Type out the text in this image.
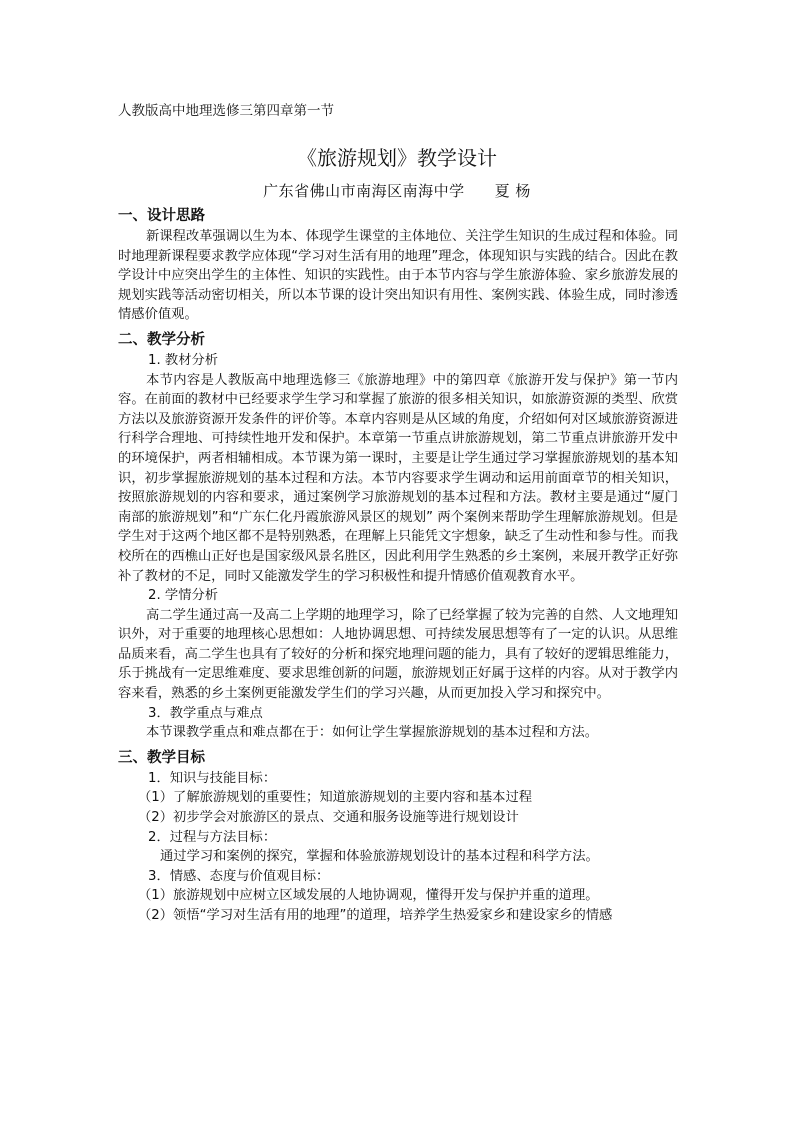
人教版高中地理选修三第四章第一节
《旅游规划》教学设计
广东省佛山市南海区南海中学 夏 杨

一、设计思路

新课程改革强调以生为本、体现学生课堂的主体地位、关注学生知识的生成过程和体验。同时地理新课程要求教学应体现“学习对生活有用的地理”理念，体现知识与实践的结合。因此在教学设计中应突出学生的主体性、知识的实践性。由于本节内容与学生旅游体验、家乡旅游发展的规划实践等活动密切相关，所以本节课的设计突出知识有用性、案例实践、体验生成，同时渗透情感价值观。

二、教学分析

1. 教材分析

本节内容是人教版高中地理选修三《旅游地理》中的第四章《旅游开发与保护》第一节内容。在前面的教材中已经要求学生学习和掌握了旅游的很多相关知识，如旅游资源的类型、欣赏方法以及旅游资源开发条件的评价等。本章内容则是从区域的角度，介绍如何对区域旅游资源进行科学合理地、可持续性地开发和保护。本章第一节重点讲旅游规划，第二节重点讲旅游开发中的环境保护，两者相辅相成。本节课为第一课时，主要是让学生通过学习掌握旅游规划的基本知识，初步掌握旅游规划的基本过程和方法。本节内容要求学生调动和运用前面章节的相关知识，按照旅游规划的内容和要求，通过案例学习旅游规划的基本过程和方法。教材主要是通过“厦门南部的旅游规划”和“广东仁化丹霞旅游风景区的规划” 两个案例来帮助学生理解旅游规划。但是学生对于这两个地区都不是特别熟悉，在理解上只能凭文字想象，缺乏了生动性和参与性。而我校所在的西樵山正好也是国家级风景名胜区，因此利用学生熟悉的乡土案例，来展开教学正好弥补了教材的不足，同时又能激发学生的学习积极性和提升情感价值观教育水平。

2. 学情分析

高二学生通过高一及高二上学期的地理学习，除了已经掌握了较为完善的自然、人文地理知识外，对于重要的地理核心思想如：人地协调思想、可持续发展思想等有了一定的认识。从思维品质来看，高二学生也具有了较好的分析和探究地理问题的能力，具有了较好的逻辑思维能力，乐于挑战有一定思维难度、要求思维创新的问题，旅游规划正好属于这样的内容。从对于教学内容来看，熟悉的乡土案例更能激发学生们的学习兴趣，从而更加投入学习和探究中。

3．教学重点与难点

本节课教学重点和难点都在于：如何让学生掌握旅游规划的基本过程和方法。

三、教学目标

1．知识与技能目标：

（1）了解旅游规划的重要性；知道旅游规划的主要内容和基本过程

（2）初步学会对旅游区的景点、交通和服务设施等进行规划设计

2．过程与方法目标：

通过学习和案例的探究，掌握和体验旅游规划设计的基本过程和科学方法。

3．情感、态度与价值观目标：

（1）旅游规划中应树立区域发展的人地协调观，懂得开发与保护并重的道理。

（2）领悟“学习对生活有用的地理”的道理，培养学生热爱家乡和建设家乡的情感
